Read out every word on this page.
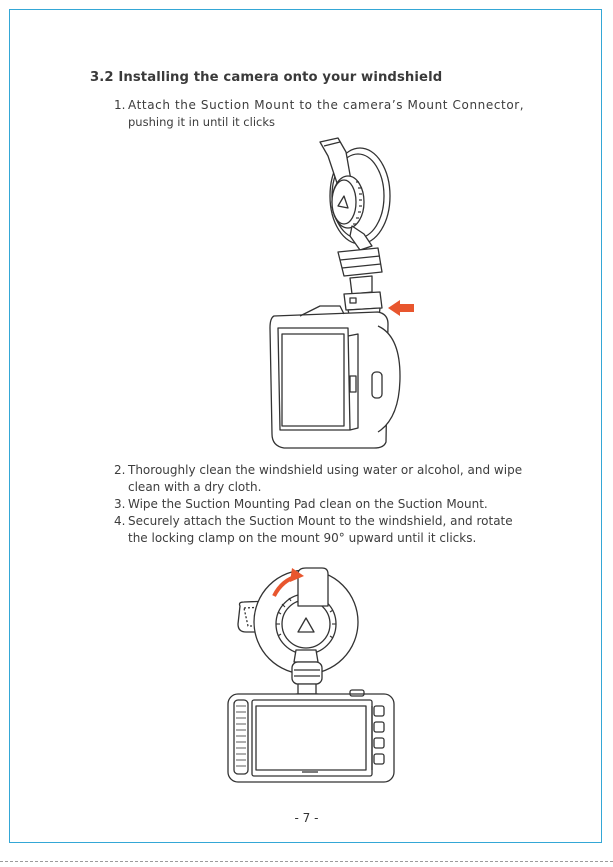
3.2 Installing the camera onto your windshield
1. Attach the Suction Mount to the camera’s Mount Connector,
pushing it in until it clicks
2. Thoroughly clean the windshield using water or alcohol, and wipe
clean with a dry cloth.
3. Wipe the Suction Mounting Pad clean on the Suction Mount.
4. Securely attach the Suction Mount to the windshield, and rotate
the locking clamp on the mount 90° upward until it clicks.
- 7 -
